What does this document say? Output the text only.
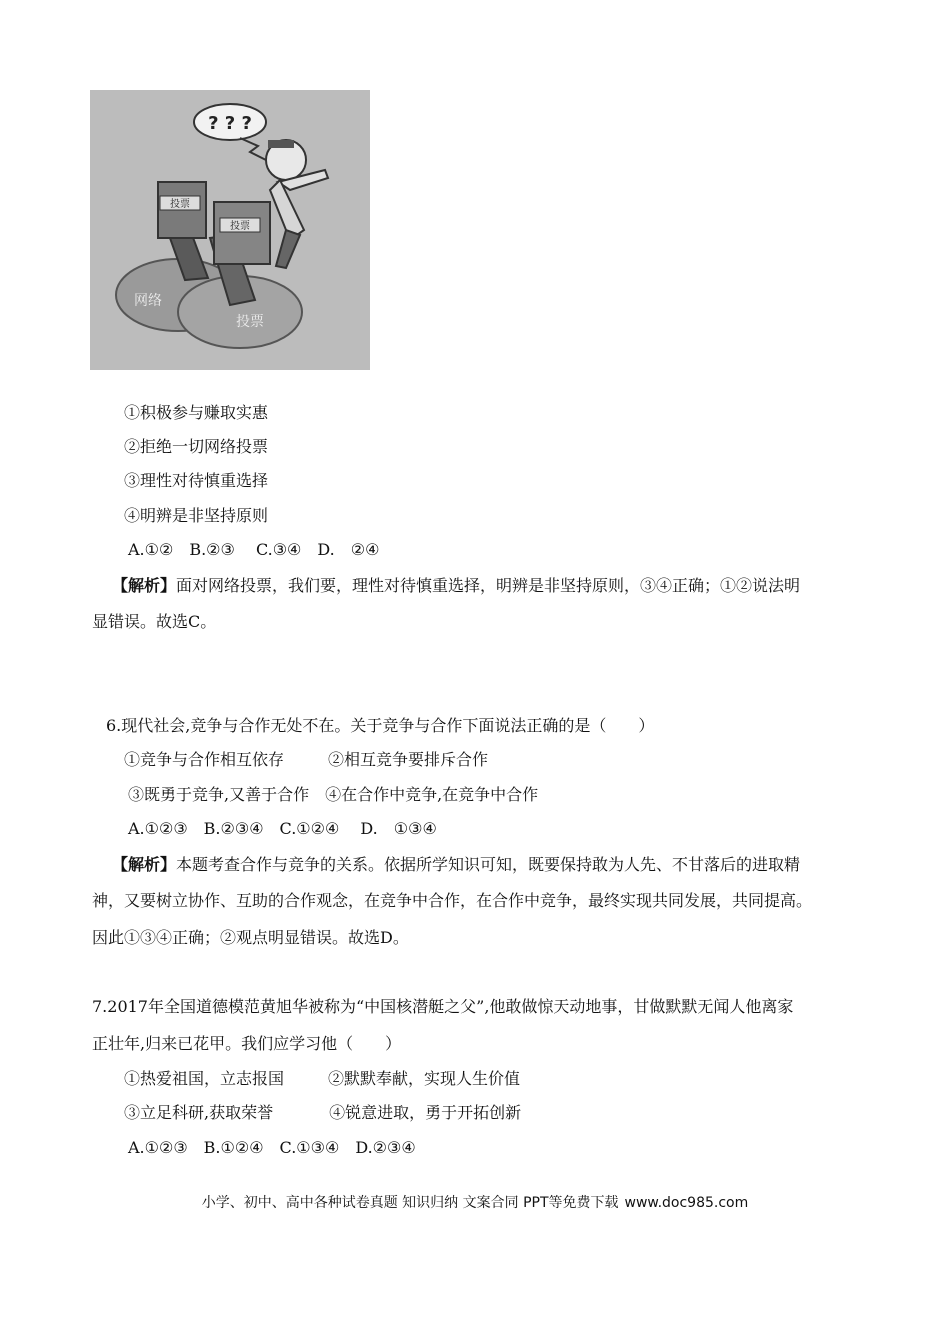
? ? ?
投票
投票
网络
投票
①积极参与赚取实惠
②拒绝一切网络投票
③理性对待慎重选择
④明辨是非坚持原则
A.①②　B.②③　 C.③④　D.　②④
【解析】面对网络投票，我们要，理性对待慎重选择，明辨是非坚持原则，③④正确；①②说法明
显错误。故选C。
6.现代社会,竞争与合作无处不在。关于竞争与合作下面说法正确的是（　　）
①竞争与合作相互依存	②相互竞争要排斥合作
③既勇于竞争,又善于合作 ④在合作中竞争,在竞争中合作
A.①②③　B.②③④　C.①②④　 D.　①③④
【解析】本题考查合作与竞争的关系。依据所学知识可知，既要保持敢为人先、不甘落后的进取精
神，又要树立协作、互助的合作观念，在竞争中合作，在合作中竞争，最终实现共同发展，共同提高。
因此①③④正确；②观点明显错误。故选D。
7.2017年全国道德模范黄旭华被称为“中国核潜艇之父”,他敢做惊天动地事，甘做默默无闻人他离家
正壮年,归来已花甲。我们应学习他（　　）
①热爱祖国，立志报国	②默默奉献，实现人生价值
③立足科研,获取荣誉	④锐意进取，勇于开拓创新
A.①②③　B.①②④　C.①③④　D.②③④
小学、初中、高中各种试卷真题 知识归纳 文案合同 PPT等免费下载 www.doc985.com
